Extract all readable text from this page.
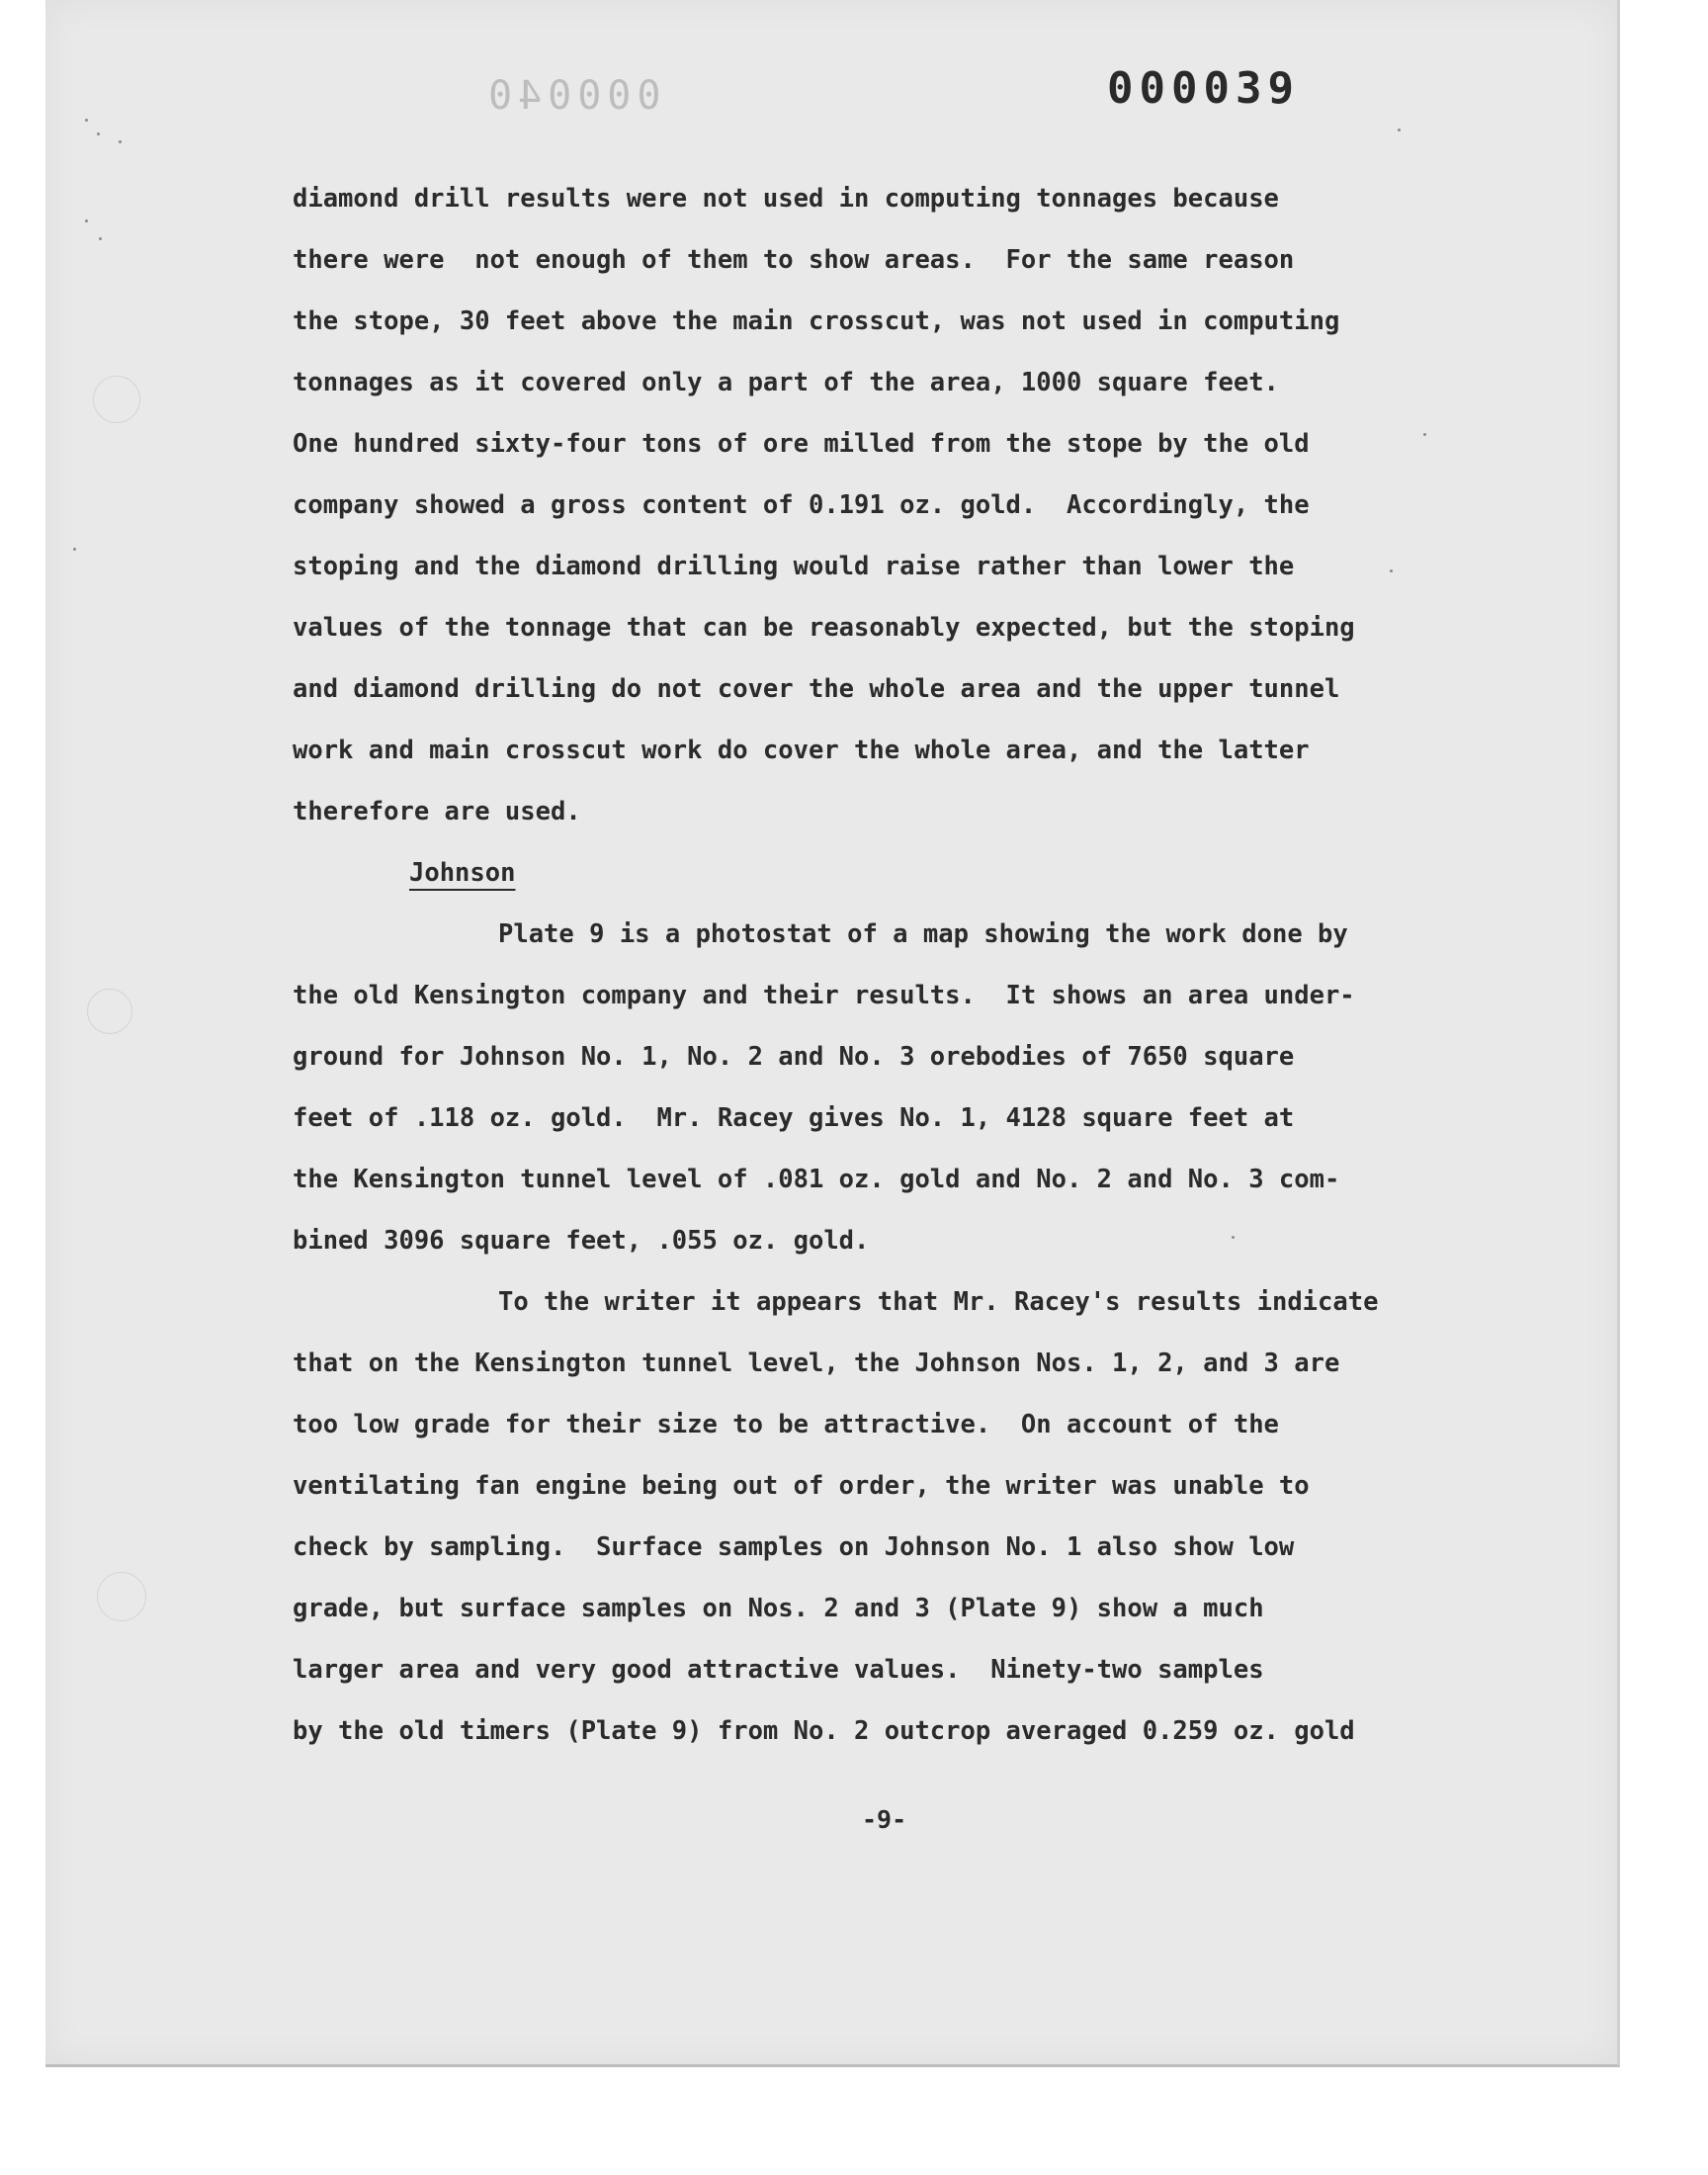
000040	000039
diamond drill results were not used in computing tonnages because
there were  not enough of them to show areas.  For the same reason
the stope, 30 feet above the main crosscut, was not used in computing
tonnages as it covered only a part of the area, 1000 square feet.
One hundred sixty-four tons of ore milled from the stope by the old
company showed a gross content of 0.191 oz. gold.  Accordingly, the
stoping and the diamond drilling would raise rather than lower the
values of the tonnage that can be reasonably expected, but the stoping
and diamond drilling do not cover the whole area and the upper tunnel
work and main crosscut work do cover the whole area, and the latter
therefore are used.
Johnson
Plate 9 is a photostat of a map showing the work done by
the old Kensington company and their results.  It shows an area under-
ground for Johnson No. 1, No. 2 and No. 3 orebodies of 7650 square
feet of .118 oz. gold.  Mr. Racey gives No. 1, 4128 square feet at
the Kensington tunnel level of .081 oz. gold and No. 2 and No. 3 com-
bined 3096 square feet, .055 oz. gold.
To the writer it appears that Mr. Racey's results indicate
that on the Kensington tunnel level, the Johnson Nos. 1, 2, and 3 are
too low grade for their size to be attractive.  On account of the
ventilating fan engine being out of order, the writer was unable to
check by sampling.  Surface samples on Johnson No. 1 also show low
grade, but surface samples on Nos. 2 and 3 (Plate 9) show a much
larger area and very good attractive values.  Ninety-two samples
by the old timers (Plate 9) from No. 2 outcrop averaged 0.259 oz. gold
-9-
